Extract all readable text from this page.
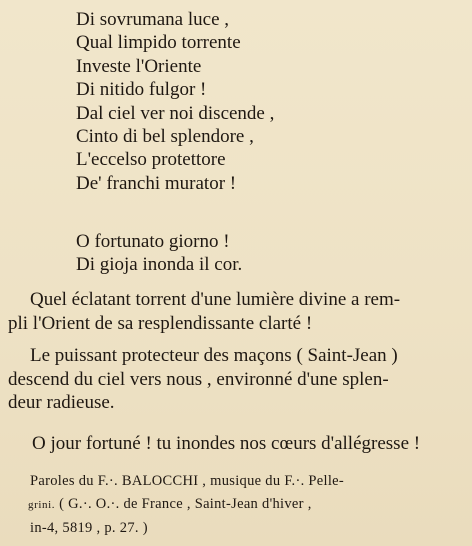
Di sovrumana luce ,
Qual limpido torrente
Investe l'Oriente
Di nitido fulgor !
Dal ciel ver noi discende ,
Cinto di bel splendore ,
L'eccelso protettore
De' franchi murator !
O fortunato giorno !
Di gioja inonda il cor.
Quel éclatant torrent d'une lumière divine a rem-
pli l'Orient de sa resplendissante clarté !
Le puissant protecteur des maçons ( Saint-Jean )
descend du ciel vers nous , environné d'une splen-
deur radieuse.
O jour fortuné ! tu inondes nos cœurs d'allégresse !
Paroles du F.·. BALOCCHI , musique du F.·. Pelle-
grini. ( G.·. O.·. de France , Saint-Jean d'hiver ,
in-4, 5819 , p. 27. )
